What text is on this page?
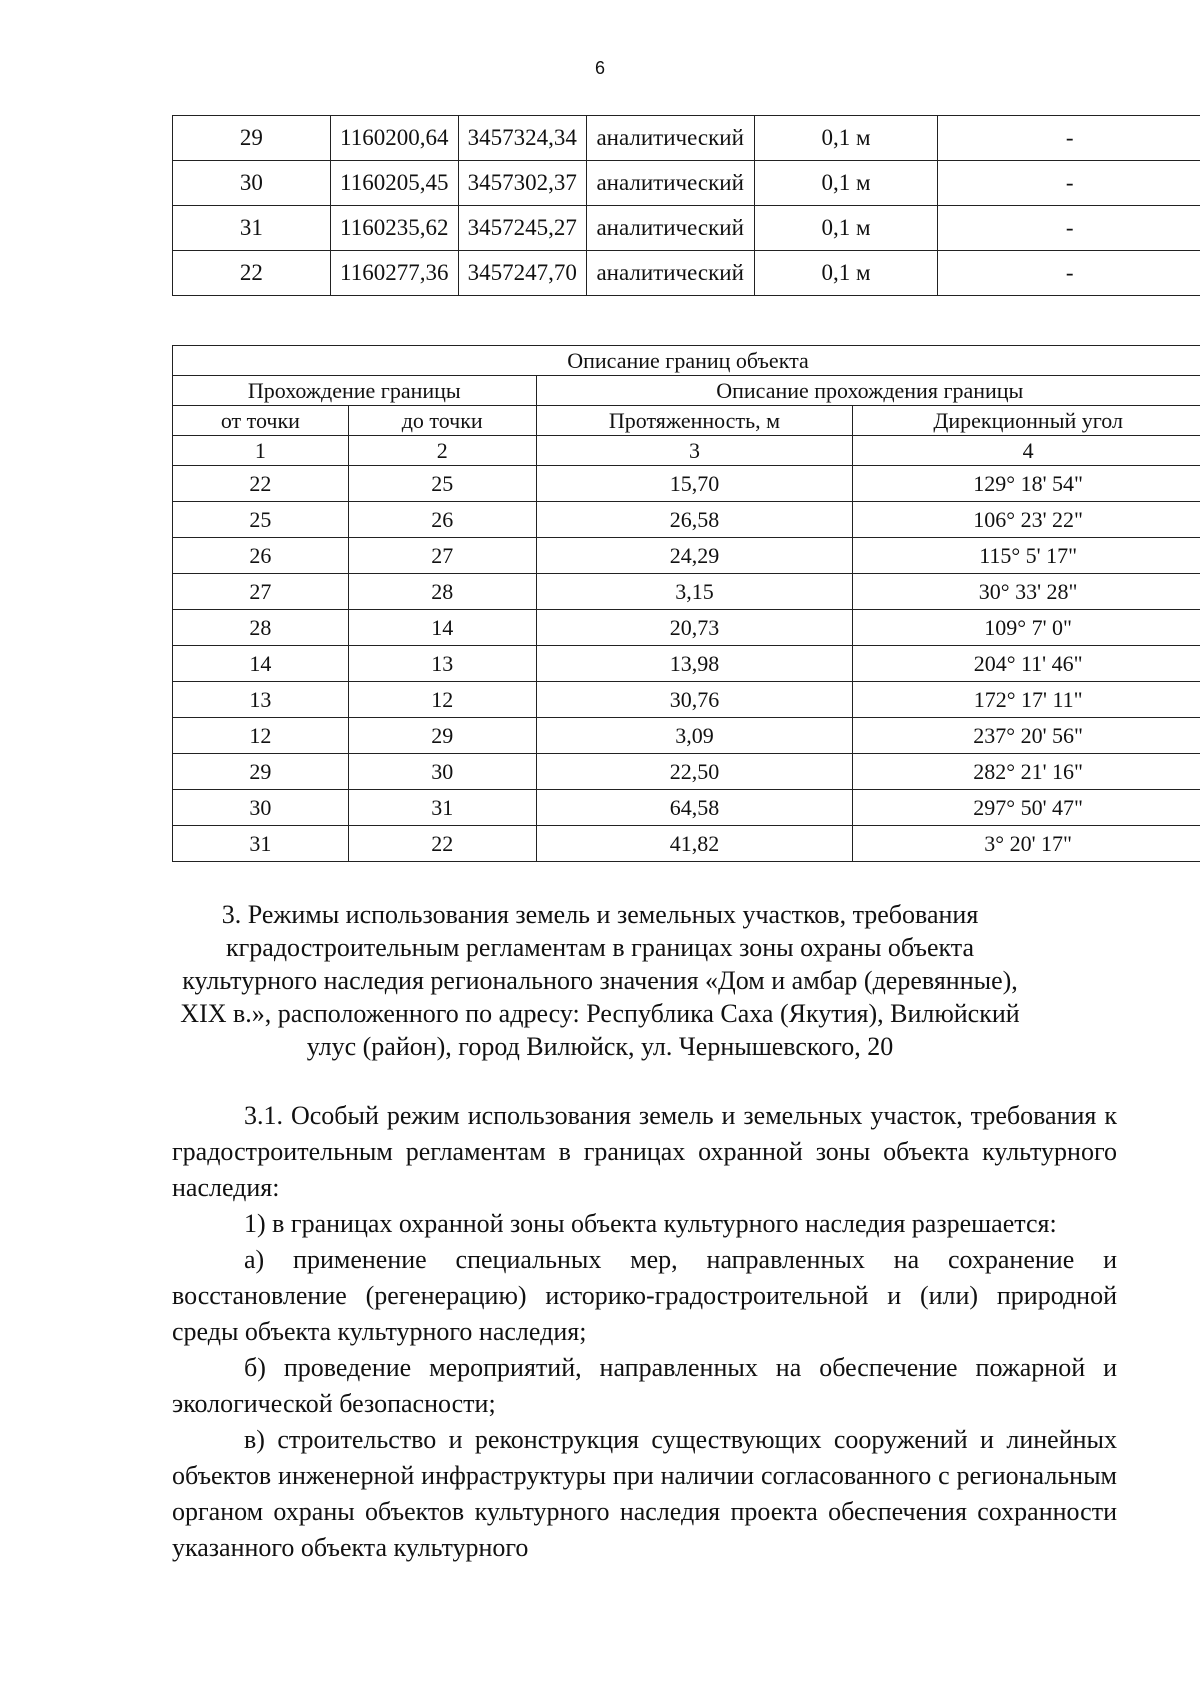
6
29	1160200,64	3457324,34	аналитический	0,1 м	-
30	1160205,45	3457302,37	аналитический	0,1 м	-
31	1160235,62	3457245,27	аналитический	0,1 м	-
22	1160277,36	3457247,70	аналитический	0,1 м	-
Описание границ объекта			
Прохождение границы		Описание прохождения границы	
от точки	до точки	Протяженность, м	Дирекционный угол
1	2	3	4
22	25	15,70	129° 18' 54"
25	26	26,58	106° 23' 22"
26	27	24,29	115° 5' 17"
27	28	3,15	30° 33' 28"
28	14	20,73	109° 7' 0"
14	13	13,98	204° 11' 46"
13	12	30,76	172° 17' 11"
12	29	3,09	237° 20' 56"
29	30	22,50	282° 21' 16"
30	31	64,58	297° 50' 47"
31	22	41,82	3° 20' 17"
3. Режимы использования земель и земельных участков, требования кградостроительным регламентам в границах зоны охраны объекта культурного наследия регионального значения «Дом и амбар (деревянные), XIX в.», расположенного по адресу: Республика Саха (Якутия), Вилюйский улус (район), город Вилюйск, ул. Чернышевского, 20

3.1. Особый режим использования земель и земельных участок, требования к градостроительным регламентам в границах охранной зоны объекта культурного наследия:

1) в границах охранной зоны объекта культурного наследия разрешается:

а) применение специальных мер, направленных на сохранение и восстановление (регенерацию) историко-градостроительной и (или) природной среды объекта культурного наследия;

б) проведение мероприятий, направленных на обеспечение пожарной и экологической безопасности;

в) строительство и реконструкция существующих сооружений и линейных объектов инженерной инфраструктуры при наличии согласованного с региональным органом охраны объектов культурного наследия проекта обеспечения сохранности указанного объекта культурного
